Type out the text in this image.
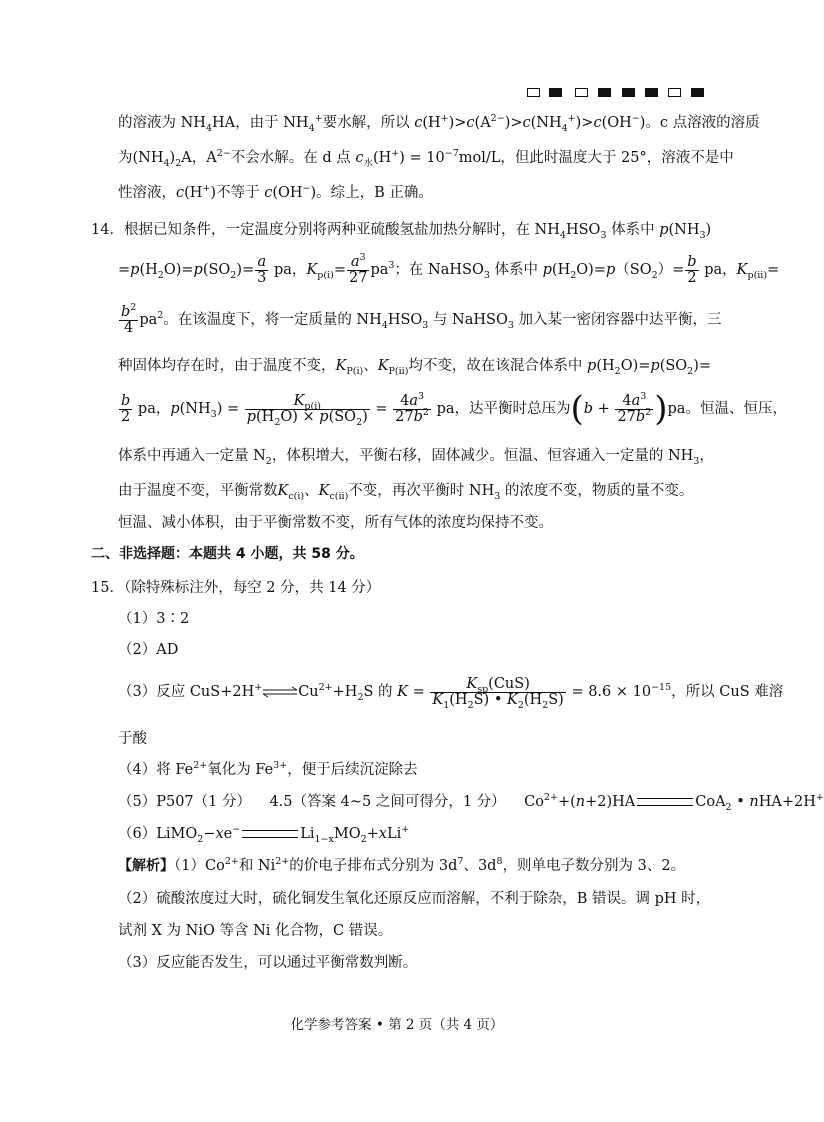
的溶液为 $NH_4HA$，由于 $NH_4^+$要水解，所以 $c(H^+)>c(A^{2-})>c(NH_4^+)>c(OH^-)$。c 点溶液的溶质
为$(NH_4)_2A$，$A^{2-}$不会水解。在 d 点 $c_水(H^+) = 10^{-7}mol/L$，但此时温度大于 25°，溶液不是中
性溶液，c(H+)不等于 c(OH−)。综上，B 正确。
14．根据已知条件，一定温度分别将两种亚硫酸氢盐加热分解时，在 $NH_4HSO_3$ 体系中 $p(NH_3)$
$=p(H_2O)=p(SO_2)= \frac{a}{3}$ pa，$K_{p(i)}= \frac{a^3}{27} pa^3$；在 NaHSO$_3$ 体系中 $p(H_2O)=p(SO_2)= \frac{b}{2}$ pa，$K_{p(ii)}=$
$\frac{b^2}{4} pa^2$。在该温度下，将一定质量的 $NH_4HSO_3$ 与 NaHSO$_3$ 加入某一密闭容器中达平衡，三
种固体均存在时，由于温度不变，$K_{P(i)}$、$K_{P(ii)}$均不变，故在该混合体系中 $p(H_2O)=p(SO_2)=$
$\frac{b}{2}$ pa，$p(NH_3) = \frac{K_{p(i)}}{p(H_2O) \times p(SO_2)} = \frac{4a^3}{27b^2}$ pa，达平衡时总压为$(b + \frac{4a^3}{27b^2} )pa$。恒温、恒压，
体系中再通入一定量 $N_2$，体积增大，平衡右移，固体减少。恒温、恒容通入一定量的 $NH_3$，
由于温度不变，平衡常数$K_{c(i)}$、$K_{c(ii)}$不变，再次平衡时 $NH_3$ 的浓度不变，物质的量不变。
恒温、减小体积，由于平衡常数不变，所有气体的浓度均保持不变。
二、非选择题：本题共 4 小题，共 58 分。
15．（除特殊标注外，每空 2 分，共 14 分）
（1）3∶2
（2）AD
（3）反应 $CuS+2H^+\rightleftharpoons Cu^{2+}+H_2S$ 的 $K = \frac{K_{sp}(CuS)}{K_1(H_2S) • K_2(H_2S)} = 8.6 \times 10^{-15}$，所以 CuS 难溶
于酸
（4）将 $Fe^{2+}$氧化为 $Fe^{3+}$，便于后续沉淀除去
（5）P507（1 分） 4.5（答案 4~5 之间可得分，1 分） $Co^{2+}+(n+2)HA$	CoA$_2$ • nHA+2H+
（6）LiMO$_2$−xe−	$Li_{1-x}MO_2+xLi^+$
【解析】$(1)Co^{2+}$和 $Ni^{2+}$的价电子排布式分别为 $3d^7$、$3d^8$，则单电子数分别为 3、2。
（2）硫酸浓度过大时，硫化铜发生氧化还原反应而溶解，不利于除杂，B 错误。调 pH 时，
试剂 X 为 NiO 等含 Ni 化合物，C 错误。
（3）反应能否发生，可以通过平衡常数判断。
化学参考答案 • 第 2 页（共 4 页）
